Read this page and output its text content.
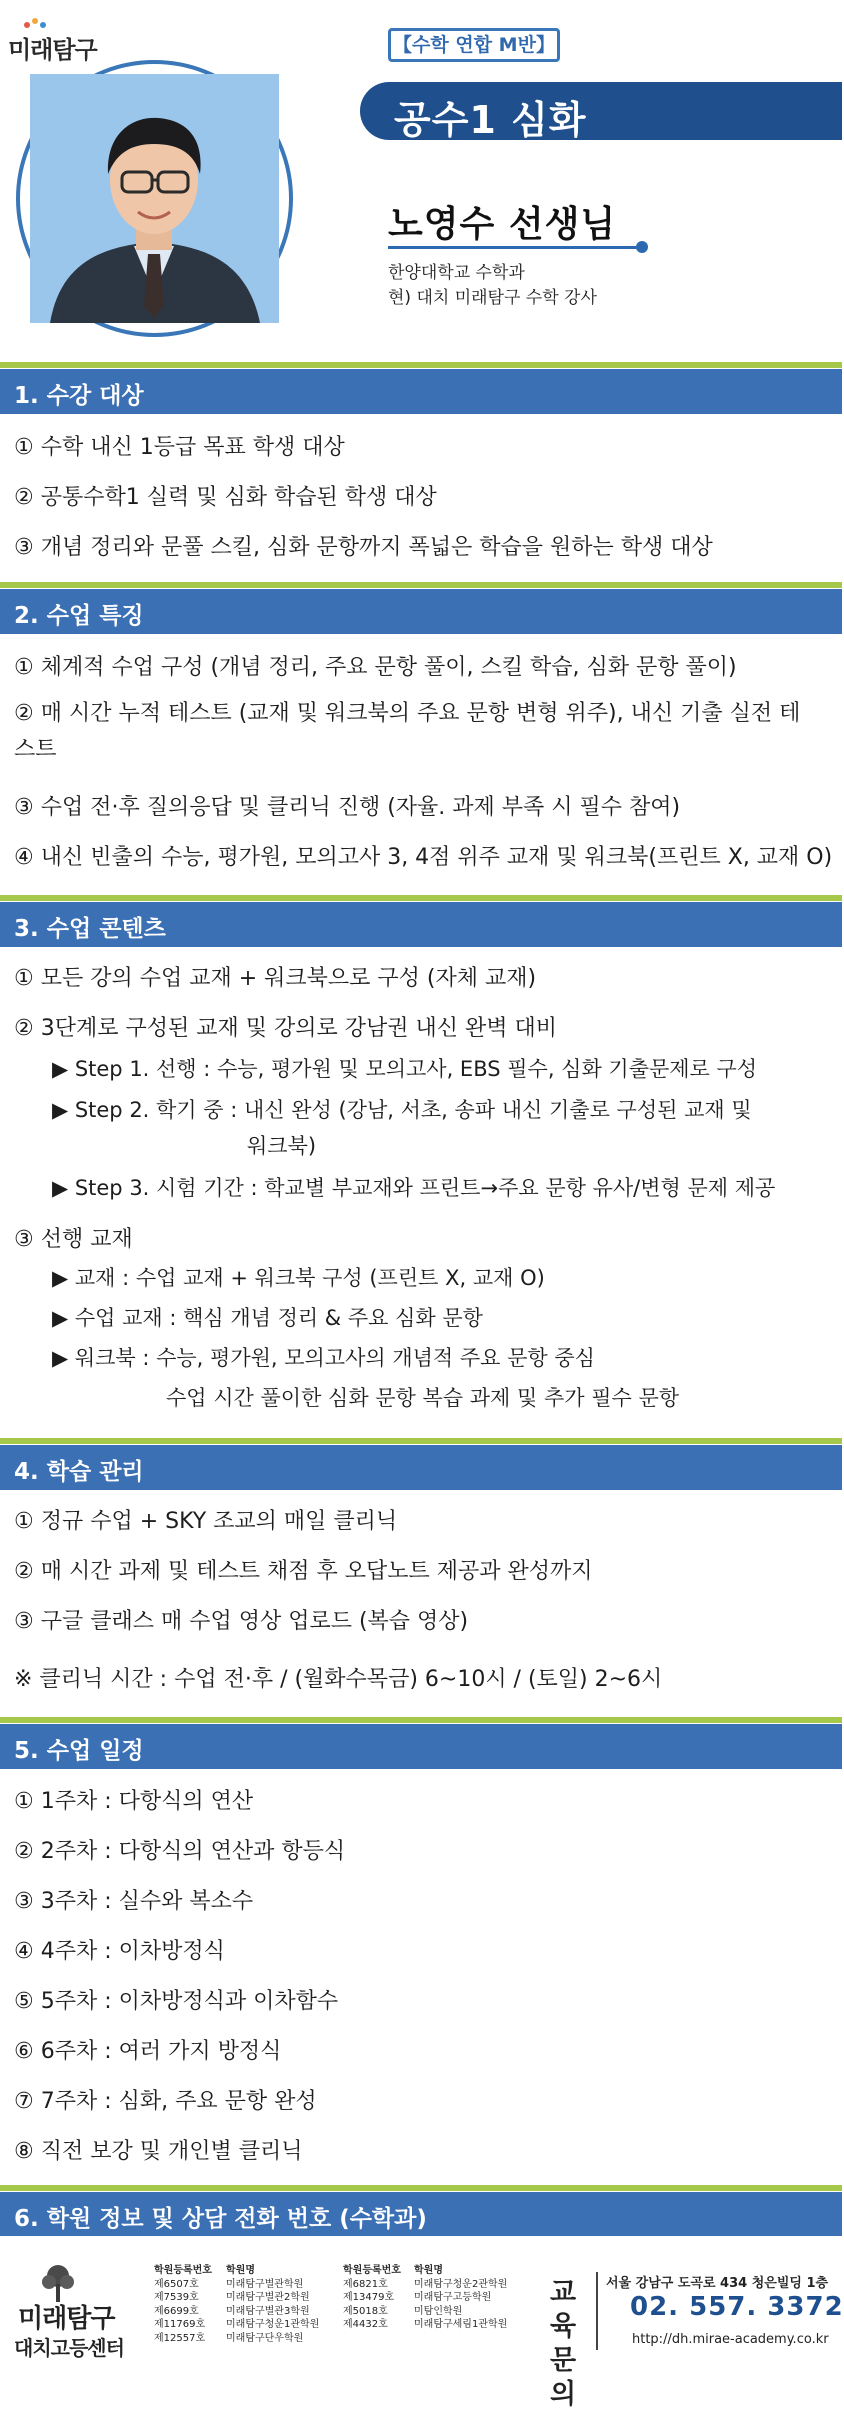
미래탐구	【수학 연합 M반】
공수1 심화
노영수 선생님
한양대학교 수학과
현) 대치 미래탐구 수학 강사
1. 수강 대상
① 수학 내신 1등급 목표 학생 대상
② 공통수학1 실력 및 심화 학습된 학생 대상
③ 개념 정리와 문풀 스킬, 심화 문항까지 폭넓은 학습을 원하는 학생 대상
2. 수업 특징
① 체계적 수업 구성 (개념 정리, 주요 문항 풀이, 스킬 학습, 심화 문항 풀이)
② 매 시간 누적 테스트 (교재 및 워크북의 주요 문항 변형 위주), 내신 기출 실전 테스트
③ 수업 전·후 질의응답 및 클리닉 진행 (자율. 과제 부족 시 필수 참여)
④ 내신 빈출의 수능, 평가원, 모의고사 3, 4점 위주 교재 및 워크북(프린트 X, 교재 O)
3. 수업 콘텐츠
① 모든 강의 수업 교재 + 워크북으로 구성 (자체 교재)
② 3단계로 구성된 교재 및 강의로 강남권 내신 완벽 대비
▶ Step 1. 선행 : 수능, 평가원 및 모의고사, EBS 필수, 심화 기출문제로 구성
▶ Step 2. 학기 중 : 내신 완성 (강남, 서초, 송파 내신 기출로 구성된 교재 및
워크북)
▶ Step 3. 시험 기간 : 학교별 부교재와 프린트→주요 문항 유사/변형 문제 제공
③ 선행 교재
▶ 교재 : 수업 교재 + 워크북 구성 (프린트 X, 교재 O)
▶ 수업 교재 : 핵심 개념 정리 & 주요 심화 문항
▶ 워크북 : 수능, 평가원, 모의고사의 개념적 주요 문항 중심
수업 시간 풀이한 심화 문항 복습 과제 및 추가 필수 문항
4. 학습 관리
① 정규 수업 + SKY 조교의 매일 클리닉
② 매 시간 과제 및 테스트 채점 후 오답노트 제공과 완성까지
③ 구글 클래스 매 수업 영상 업로드 (복습 영상)
※ 클리닉 시간 : 수업 전·후 / (월화수목금) 6~10시 / (토일) 2~6시
5. 수업 일정
① 1주차 : 다항식의 연산
② 2주차 : 다항식의 연산과 항등식
③ 3주차 : 실수와 복소수
④ 4주차 : 이차방정식
⑤ 5주차 : 이차방정식과 이차함수
⑥ 6주차 : 여러 가지 방정식
⑦ 7주차 : 심화, 주요 문항 완성
⑧ 직전 보강 및 개인별 클리닉
6. 학원 정보 및 상담 전화 번호 (수학과)
미래탐구
대치고등센터
학원등록번호
제6507호
제7539호
제6699호
제11769호
제12557호
학원명
미래탐구별관학원
미래탐구별관2학원
미래탐구별관3학원
미래탐구청운1관학원
미래탐구단우학원
학원등록번호
제6821호
제13479호
제5018호
제4432호
학원명
미래탐구청운2관학원
미래탐구고등학원
미탐인학원
미래탐구세림1관학원
교육 문의
서울 강남구 도곡로 434 청은빌딩 1층
02. 557. 3372
http://dh.mirae-academy.co.kr
